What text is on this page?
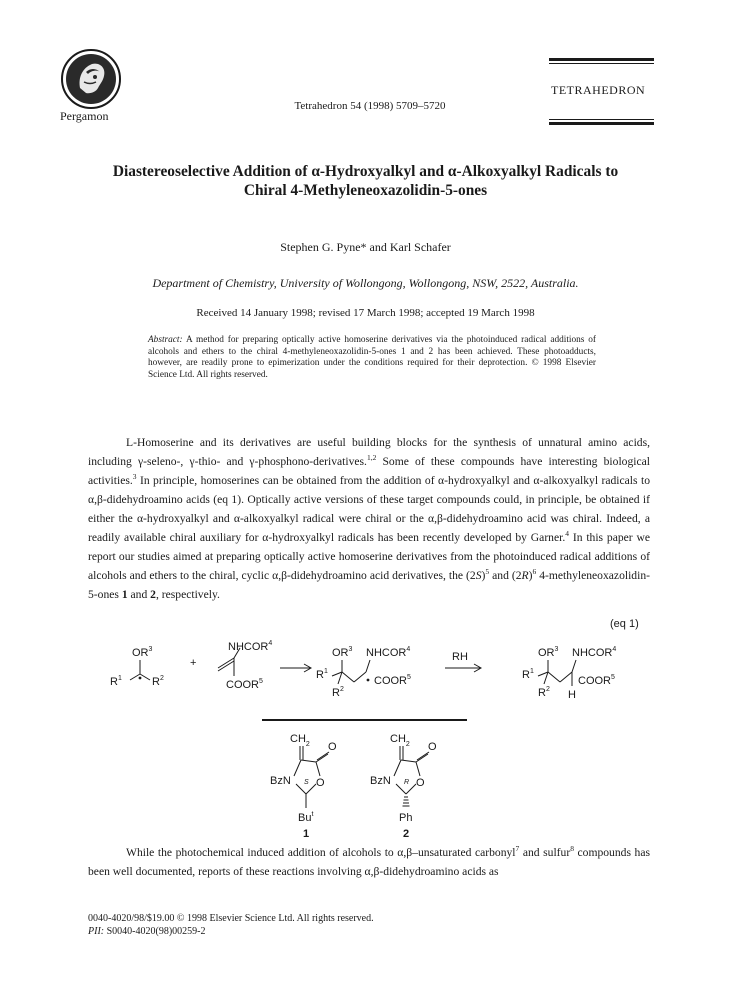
Pergamon
Tetrahedron 54 (1998) 5709–5720
TETRAHEDRON
Diastereoselective Addition of α-Hydroxyalkyl and α-Alkoxyalkyl Radicals to
Chiral 4-Methyleneoxazolidin-5-ones
Stephen G. Pyne* and Karl Schafer
Department of Chemistry, University of Wollongong, Wollongong, NSW, 2522, Australia.
Received 14 January 1998; revised 17 March 1998; accepted 19 March 1998
Abstract: A method for preparing optically active homoserine derivatives via the photoinduced radical additions of alcohols and ethers to the chiral 4-methyleneoxazolidin-5-ones 1 and 2 has been achieved. These photoadducts, however, are readily prone to epimerization under the conditions required for their deprotection. © 1998 Elsevier Science Ltd. All rights reserved.
L-Homoserine and its derivatives are useful building blocks for the synthesis of unnatural amino acids, including γ-seleno-, γ-thio- and γ-phosphono-derivatives.$^{1,2}$ Some of these compounds have interesting biological activities.$^3$ In principle, homoserines can be obtained from the addition of α-hydroxyalkyl and α-alkoxyalkyl radicals to α,β-didehydroamino acids (eq 1). Optically active versions of these target compounds could, in principle, be obtained if either the α-hydroxyalkyl and α-alkoxyalkyl radical were chiral or the α,β-didehydroamino acid was chiral. Indeed, a readily available chiral auxiliary for α-hydroxyalkyl radicals has been recently developed by Garner.$^4$ In this paper we report our studies aimed at preparing optically active homoserine derivatives from the photoinduced radical additions of alcohols and ethers to the chiral, cyclic α,β-didehydroamino acid derivatives, the $(2S)^5$ and $(2R)^6$ 4-methyleneoxazolidin-5-ones 1 and 2, respectively.
(eq 1)
$OR^3$
$R^1$	$R^2$
+
$NHCOR^4$
COOR$^5$
$OR^3$ NHCOR$^4$
$R^1$
$R^2$
COOR$^5$
RH	$OR^3$ NHCOR$^4$
$R^1$
$R^2$
COOR$^5$
H
$CH_2$ O
BzN S O
Bu$^t$
1
$CH_2$ O
BzN R O
Ph
2
While the photochemical induced addition of alcohols to α,β–unsaturated carbonyl$^7$ and sulfur$^8$ compounds has been well documented, reports of these reactions involving α,β-didehydroamino acids as
0040-4020/98/$19.00 © 1998 Elsevier Science Ltd. All rights reserved.
PII: S0040-4020(98)00259-2
